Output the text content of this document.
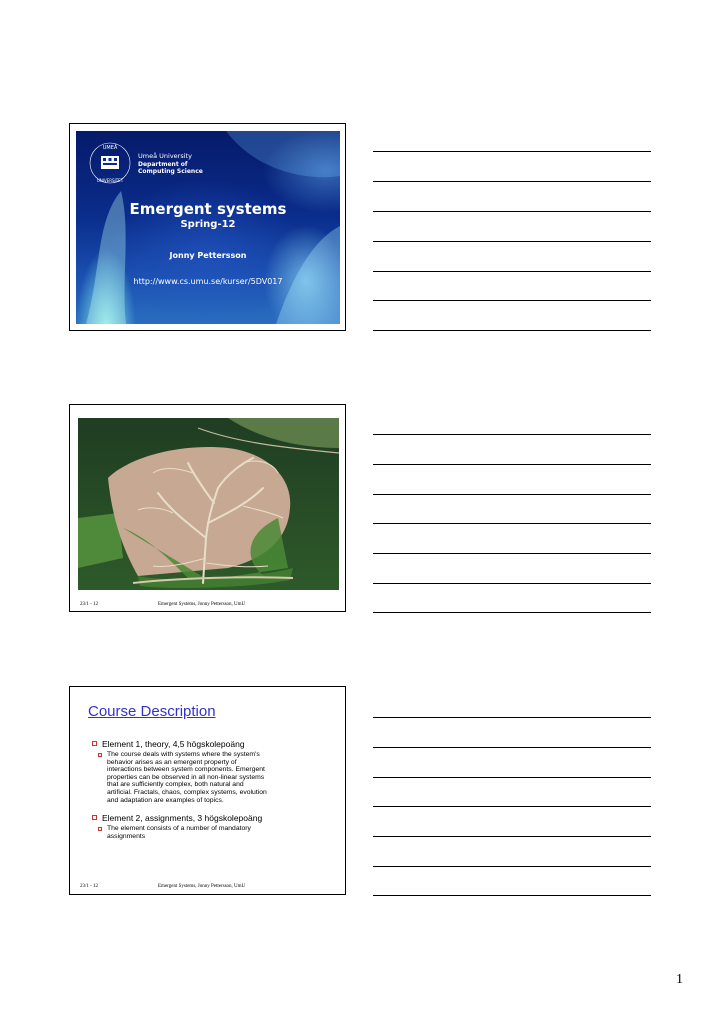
UMEÅ
UNIVERSITET
Umeå University
Department of
Computing Science
Emergent systems
Spring-12
Jonny Pettersson
http://www.cs.umu.se/kurser/5DV017
23/1 - 12	Emergent Systems, Jonny Pettersson, UmU
Course Description
Element 1, theory, 4,5 högskolepoäng
The course deals with systems where the system's
behavior arises as an emergent property of
interactions between system components. Emergent
properties can be observed in all non-linear systems
that are sufficiently complex, both natural and
artificial. Fractals, chaos, complex systems, evolution
and adaptation are examples of topics.
Element 2, assignments, 3 högskolepoäng
The element consists of a number of mandatory
assignments
23/1 - 12	Emergent Systems, Jonny Pettersson, UmU
1
